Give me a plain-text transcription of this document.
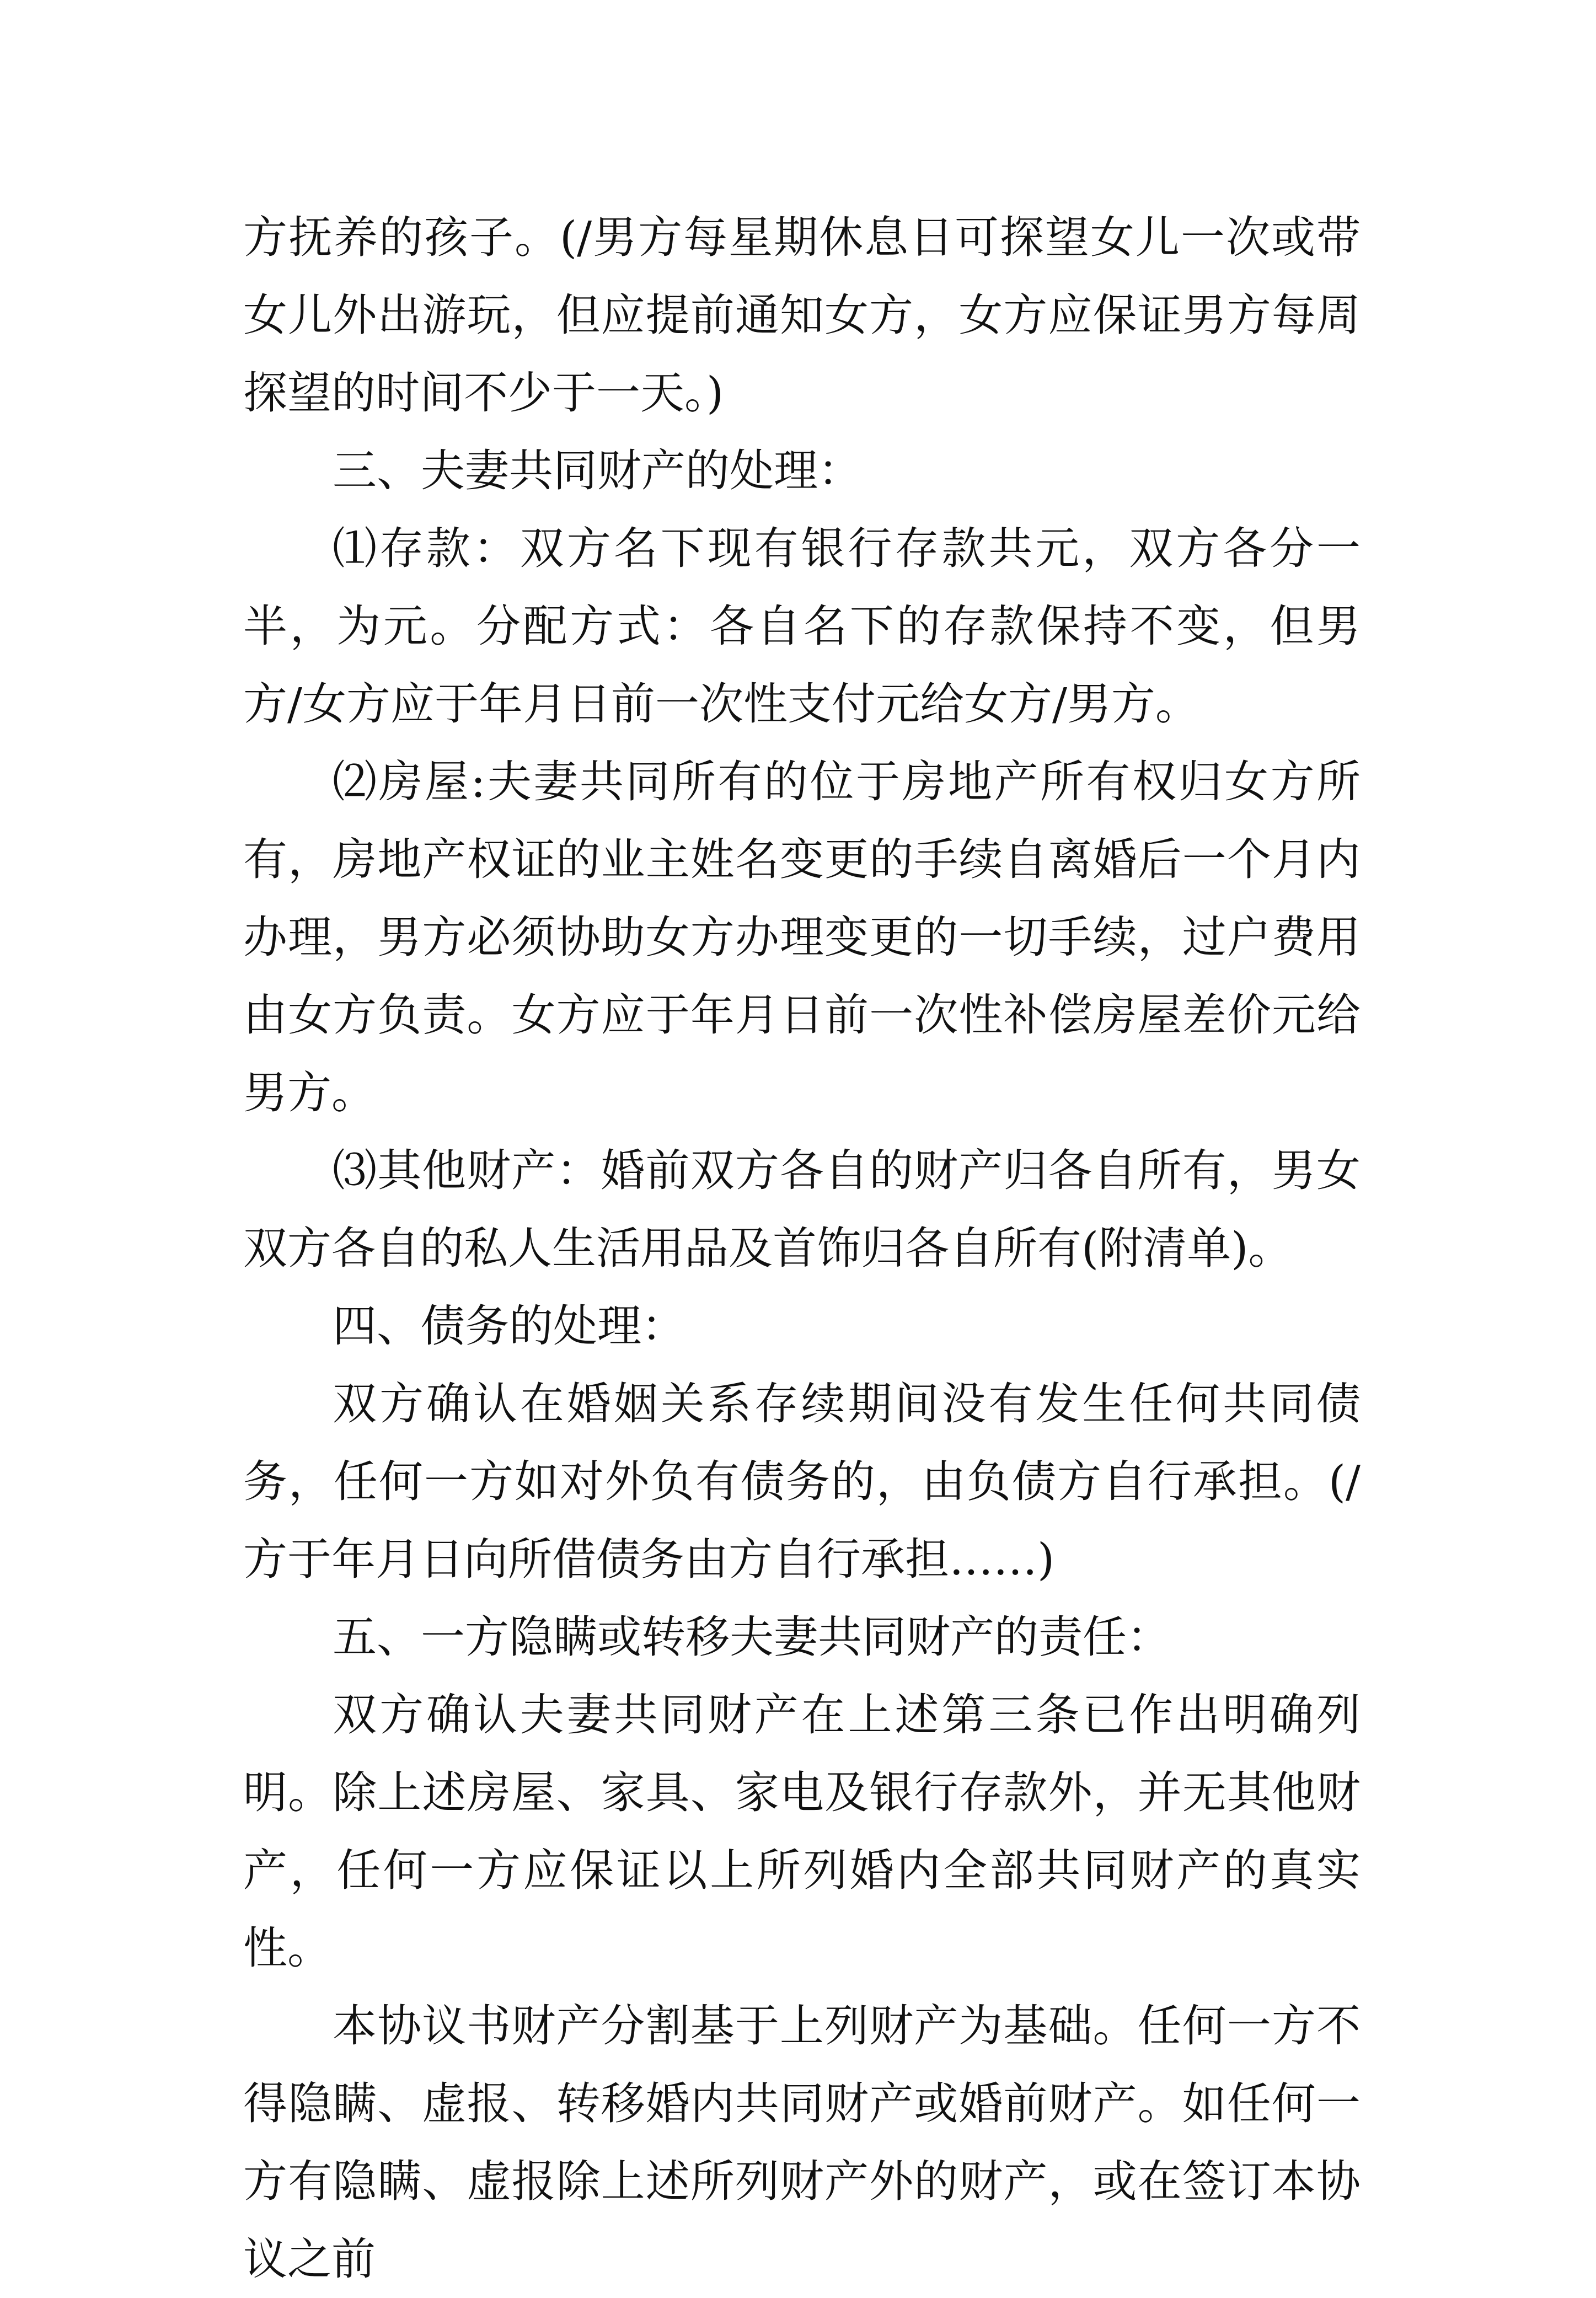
方抚养的孩子。(/男方每星期休息日可探望女儿一次或带女儿外出游玩，但应提前通知女方，女方应保证男方每周探望的时间不少于一天。)

三、夫妻共同财产的处理：

⑴存款：双方名下现有银行存款共元，双方各分一半，为元。分配方式：各自名下的存款保持不变，但男方/女方应于年月日前一次性支付元给女方/男方。

⑵房屋:夫妻共同所有的位于房地产所有权归女方所有，房地产权证的业主姓名变更的手续自离婚后一个月内办理，男方必须协助女方办理变更的一切手续，过户费用由女方负责。女方应于年月日前一次性补偿房屋差价元给男方。

⑶其他财产：婚前双方各自的财产归各自所有，男女双方各自的私人生活用品及首饰归各自所有(附清单)。

四、债务的处理：

双方确认在婚姻关系存续期间没有发生任何共同债务，任何一方如对外负有债务的，由负债方自行承担。(/方于年月日向所借债务由方自行承担……)

五、一方隐瞒或转移夫妻共同财产的责任：

双方确认夫妻共同财产在上述第三条已作出明确列明。除上述房屋、家具、家电及银行存款外，并无其他财产，任何一方应保证以上所列婚内全部共同财产的真实性。

本协议书财产分割基于上列财产为基础。任何一方不得隐瞒、虚报、转移婚内共同财产或婚前财产。如任何一方有隐瞒、虚报除上述所列财产外的财产，或在签订本协议之前
